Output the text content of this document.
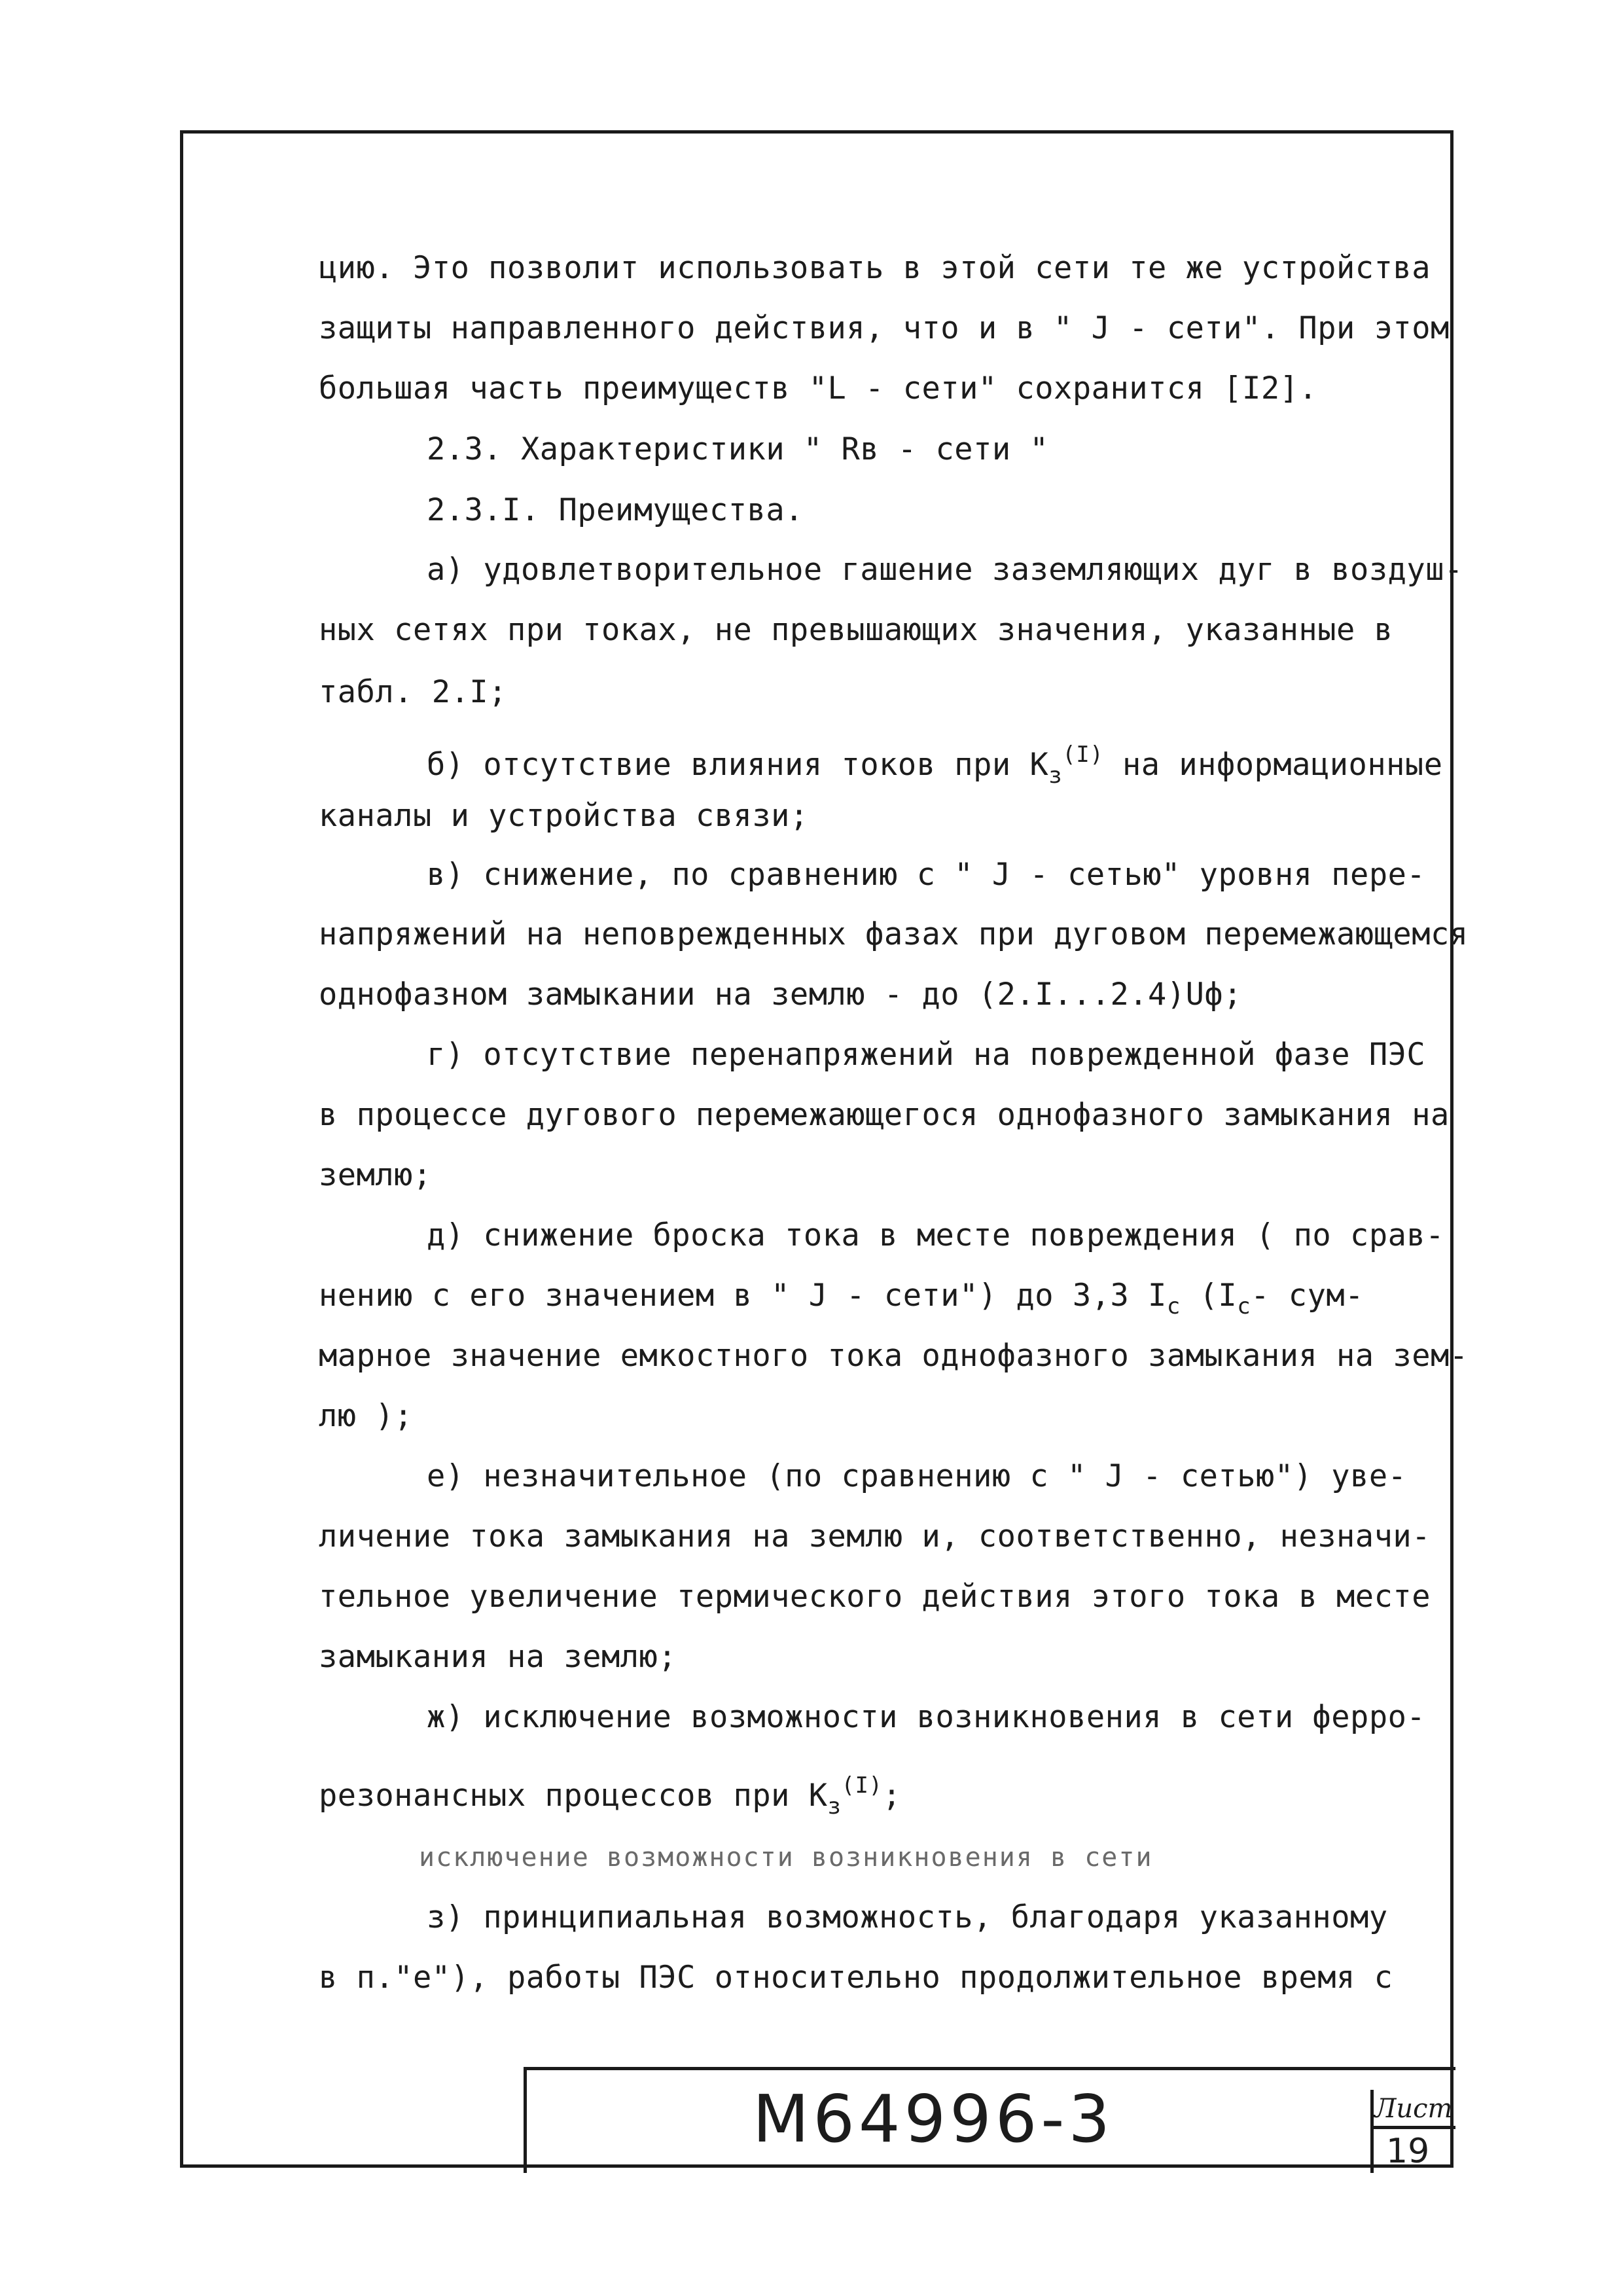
цию. Это позволит использовать в этой сети те же устройства
защиты направленного действия, что и в " J - сети". При этом
большая часть преимуществ "L - сети" сохранится [I2].
2.3. Характеристики " Rв - сети "
2.3.I. Преимущества.
а) удовлетворительное гашение заземляющих дуг в воздуш-
ных сетях при токах, не превышающих значения, указанные в
табл. 2.I;
б) отсутствие влияния токов при $К_з^{(I)}$ на информационные
каналы и устройства связи;
в) снижение, по сравнению с " J - сетью" уровня пере-
напряжений на неповрежденных фазах при дуговом перемежающемся
однофазном замыкании на землю - до (2.I...2.4)Uф;
г) отсутствие перенапряжений на поврежденной фазе ПЭС
в процессе дугового перемежающегося однофазного замыкания на
землю;
д) снижение броска тока в месте повреждения ( по срав-
нению с его значением в " J - сети") до 3,3 $I_с$ ($I_с-$ сум-
марное значение емкостного тока однофазного замыкания на зем-
лю );
е) незначительное (по сравнению с " J - сетью") уве-
личение тока замыкания на землю и, соответственно, незначи-
тельное увеличение термического действия этого тока в месте
замыкания на землю;
ж) исключение возможности возникновения в сети ферро-
резонансных процессов при $К_з^{(I)}$;
исключение возможности возникновения в сети
з) принципиальная возможность, благодаря указанному
в п."е"), работы ПЭС относительно продолжительное время с
М64996-3	Лист
19
